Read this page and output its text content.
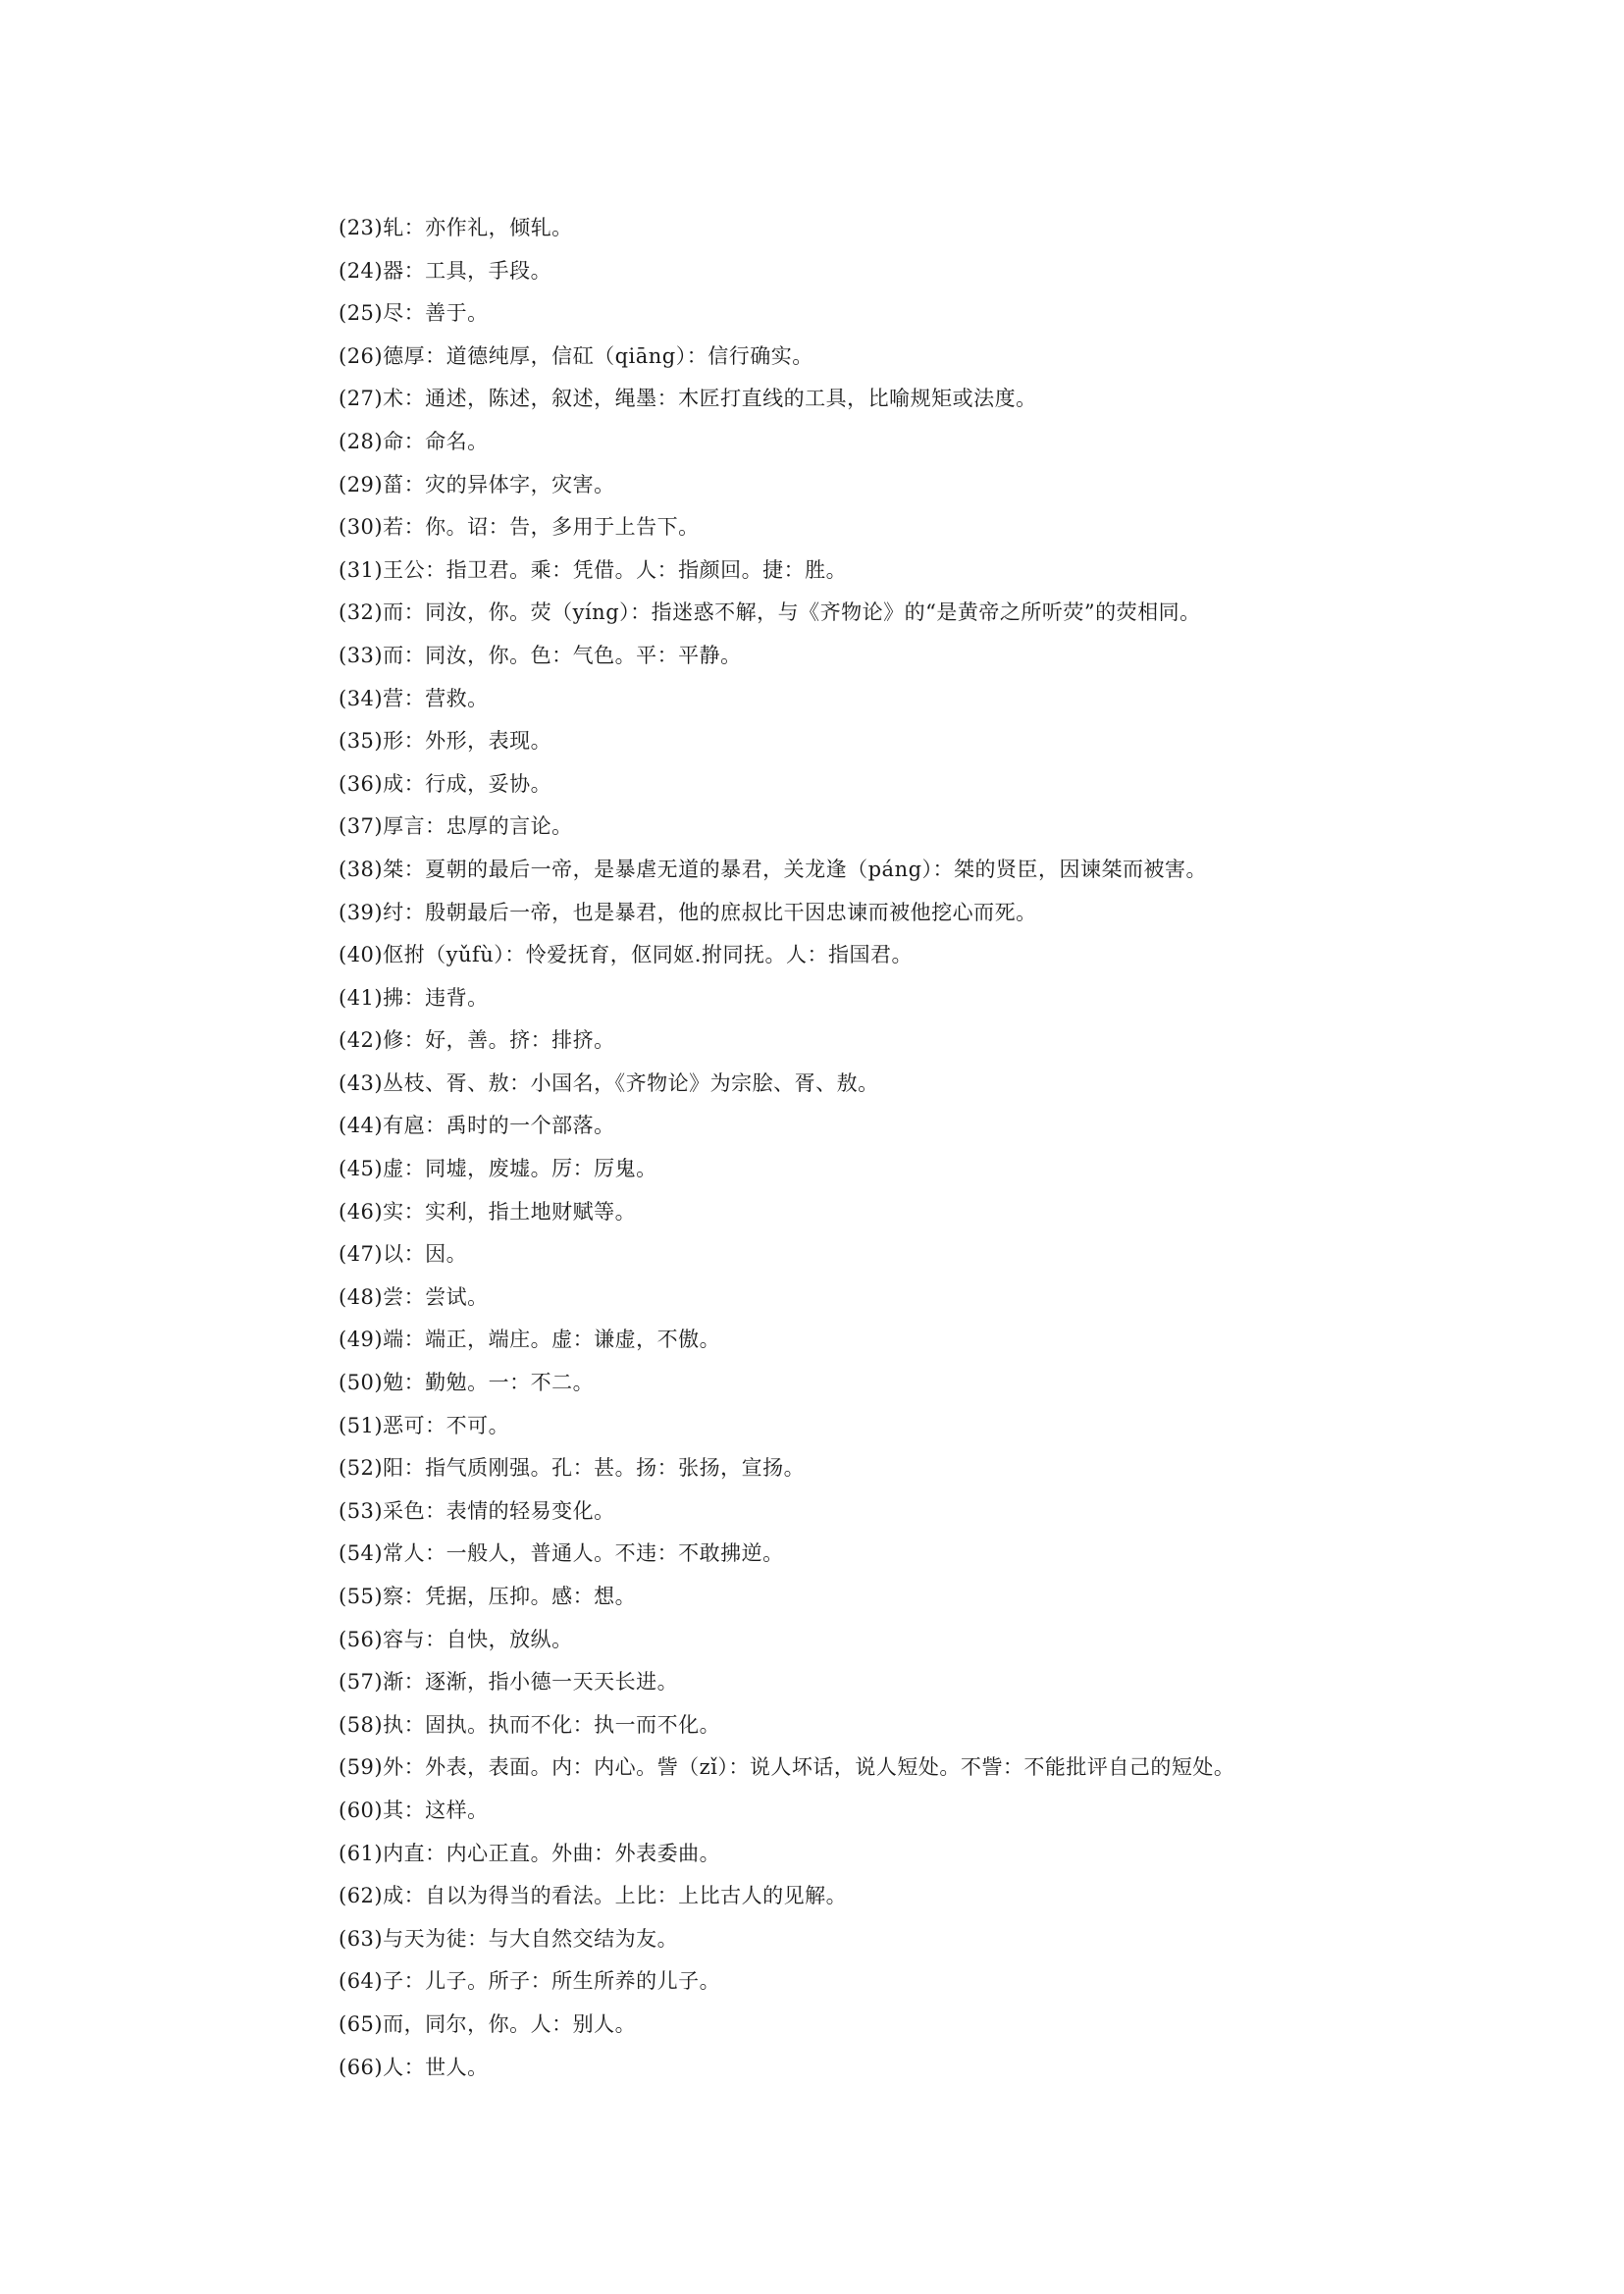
(23)轧：亦作礼，倾轧。
(24)器：工具，手段。
(25)尽：善于。
(26)德厚：道德纯厚，信矼（qiāng）：信行确实。
(27)术：通述，陈述，叙述，绳墨：木匠打直线的工具，比喻规矩或法度。
(28)命：命名。
(29)菑：灾的异体字，灾害。
(30)若：你。诏：告，多用于上告下。
(31)王公：指卫君。乘：凭借。人：指颜回。捷：胜。
(32)而：同汝，你。荧（yíng）：指迷惑不解，与《齐物论》的“是黄帝之所听荧”的荧相同。
(33)而：同汝，你。色：气色。平：平静。
(34)营：营救。
(35)形：外形，表现。
(36)成：行成，妥协。
(37)厚言：忠厚的言论。
(38)桀：夏朝的最后一帝，是暴虐无道的暴君，关龙逢（páng）：桀的贤臣，因谏桀而被害。
(39)纣：殷朝最后一帝，也是暴君，他的庶叔比干因忠谏而被他挖心而死。
(40)伛拊（yǔfù）：怜爱抚育，伛同妪.拊同抚。人：指国君。
(41)拂：违背。
(42)修：好，善。挤：排挤。
(43)丛枝、胥、敖：小国名，《齐物论》为宗脍、胥、敖。
(44)有扈：禹时的一个部落。
(45)虚：同墟，废墟。厉：厉鬼。
(46)实：实利，指土地财赋等。
(47)以：因。
(48)尝：尝试。
(49)端：端正，端庄。虚：谦虚，不傲。
(50)勉：勤勉。一：不二。
(51)恶可：不可。
(52)阳：指气质刚强。孔：甚。扬：张扬，宣扬。
(53)采色：表情的轻易变化。
(54)常人：一般人，普通人。不违：不敢拂逆。
(55)察：凭据，压抑。感：想。
(56)容与：自快，放纵。
(57)渐：逐渐，指小德一天天长进。
(58)执：固执。执而不化：执一而不化。
(59)外：外表，表面。内：内心。訾（zǐ）：说人坏话，说人短处。不訾：不能批评自己的短处。
(60)其：这样。
(61)内直：内心正直。外曲：外表委曲。
(62)成：自以为得当的看法。上比：上比古人的见解。
(63)与天为徒：与大自然交结为友。
(64)子：儿子。所子：所生所养的儿子。
(65)而，同尔，你。人：别人。
(66)人：世人。
